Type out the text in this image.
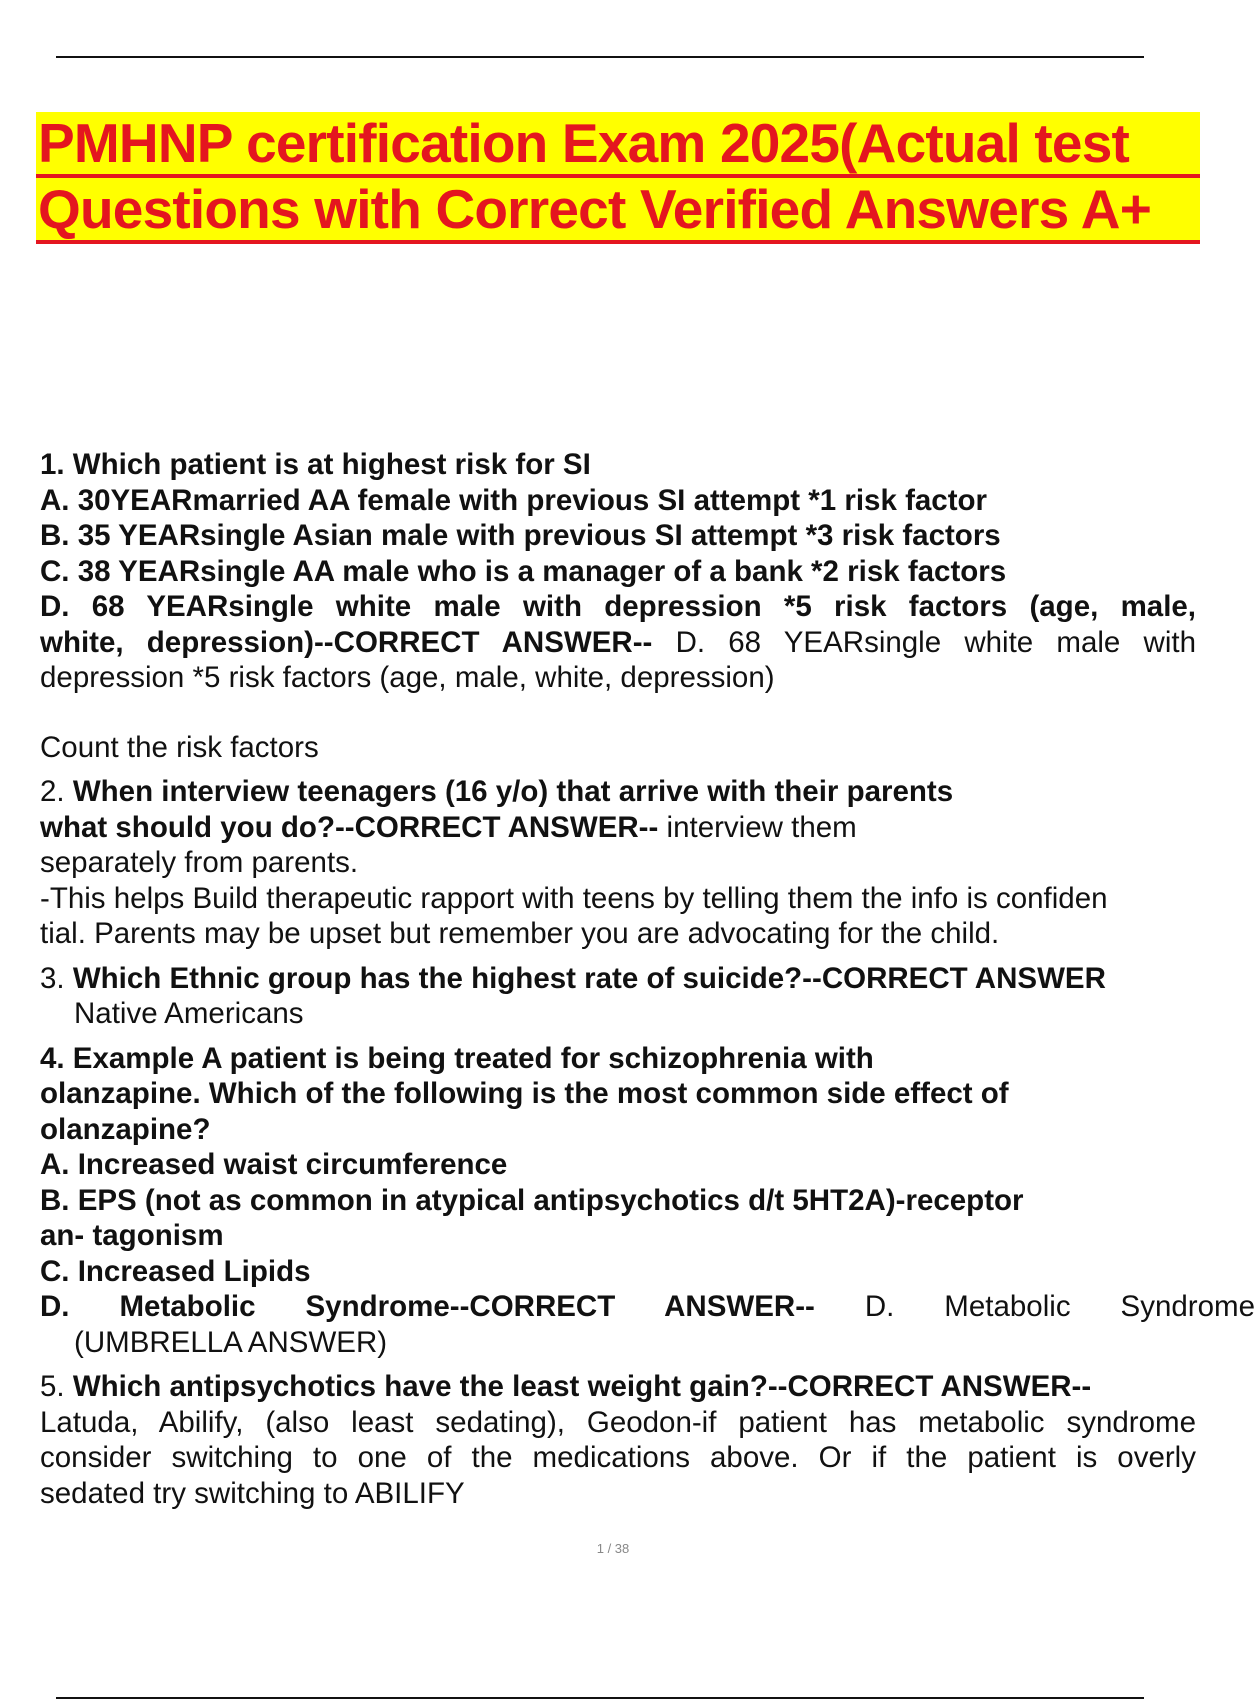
PMHNP certification Exam 2025(Actual test
Questions with Correct Verified Answers A+
1. Which patient is at highest risk for SI
A. 30YEARmarried AA female with previous SI attempt *1 risk factor
B. 35 YEARsingle Asian male with previous SI attempt *3 risk factors
C. 38 YEARsingle AA male who is a manager of a bank *2 risk factors
D. 68 YEARsingle white male with depression *5 risk factors (age, male,
white, depression)--CORRECT ANSWER-- D. 68 YEARsingle white male with
depression *5 risk factors (age, male, white, depression)
Count the risk factors
2. When interview teenagers (16 y/o) that arrive with their parents
what should you do?--CORRECT ANSWER-- interview them
separately from parents.
-This helps Build therapeutic rapport with teens by telling them the info is confiden
tial. Parents may be upset but remember you are advocating for the child.
3. Which Ethnic group has the highest rate of suicide?--CORRECT ANSWER
Native Americans
4. Example A patient is being treated for schizophrenia with
olanzapine. Which of the following is the most common side effect of
olanzapine?
A. Increased waist circumference
B. EPS (not as common in atypical antipsychotics d/t 5HT2A)-receptor
an- tagonism
C. Increased Lipids
D. Metabolic Syndrome--CORRECT ANSWER-- D. Metabolic Syndrome
(UMBRELLA ANSWER)
5. Which antipsychotics have the least weight gain?--CORRECT ANSWER--
Latuda, Abilify, (also least sedating), Geodon-if patient has metabolic syndrome
consider switching to one of the medications above. Or if the patient is overly
sedated try switching to ABILIFY
1 / 38
